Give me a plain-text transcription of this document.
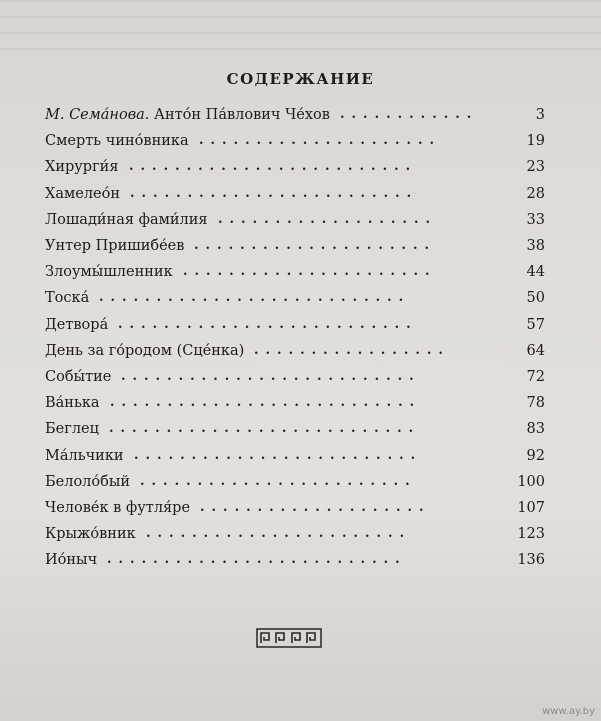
СОДЕРЖАНИЕ
М. Сема́нова. Анто́н Па́влович Че́хов ............	3
Смерть чино́вника .....................	19
Хирурги́я .........................	23
Хамелео́н .........................	28
Лошади́ная фами́лия ...................	33
Унтер Пришибе́ев .....................	38
Злоумы́шленник ......................	44
Тоска́ ...........................	50
Детвора́ ..........................	57
День за го́родом (Сце́нка) .................	64
Собы́тие ..........................	72
Ва́нька ...........................	78
Беглец ...........................	83
Ма́льчики .........................	92
Белоло́бый ........................	100
Челове́к в футля́ре ....................	107
Крыжо́вник .......................	123
Ио́ныч ..........................	136
www.ay.by
